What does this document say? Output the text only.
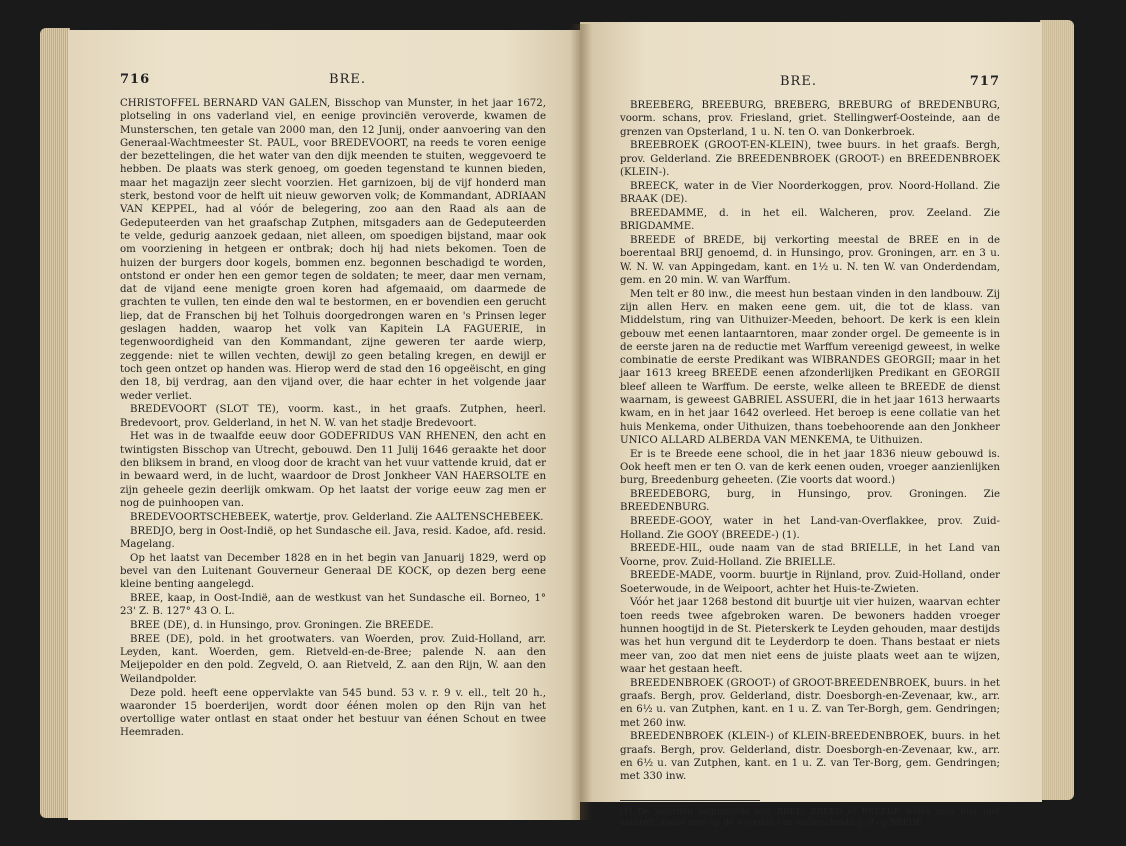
716	BRE.

CHRISTOFFEL BERNARD VAN GALEN, Bisschop van Munster, in het jaar 1672, plotseling in ons vaderland viel, en eenige provinciën veroverde, kwamen de Munsterschen, ten getale van 2000 man, den 12 Junij, onder aanvoering van den Generaal-Wachtmeester St. PAUL, voor BREDEVOORT, na reeds te voren eenige der bezettelingen, die het water van den dijk meenden te stuiten, weggevoerd te hebben. De plaats was sterk genoeg, om goeden tegenstand te kunnen bieden, maar het magazijn zeer slecht voorzien. Het garnizoen, bij de vijf honderd man sterk, bestond voor de helft uit nieuw geworven volk; de Kommandant, ADRIAAN VAN KEPPEL, had al vóór de belegering, zoo aan den Raad als aan de Gedeputeerden van het graafschap Zutphen, mitsgaders aan de Gedeputeerden te velde, gedurig aanzoek gedaan, niet alleen, om spoedigen bijstand, maar ook om voorziening in hetgeen er ontbrak; doch hij had niets bekomen. Toen de huizen der burgers door kogels, bommen enz. begonnen beschadigd te worden, ontstond er onder hen een gemor tegen de soldaten; te meer, daar men vernam, dat de vijand eene menigte groen koren had afgemaaid, om daarmede de grachten te vullen, ten einde den wal te bestormen, en er bovendien een gerucht liep, dat de Franschen bij het Tolhuis doorgedrongen waren en 's Prinsen leger geslagen hadden, waarop het volk van Kapitein LA FAGUERIE, in tegenwoordigheid van den Kommandant, zijne geweren ter aarde wierp, zeggende: niet te willen vechten, dewijl zo geen betaling kregen, en dewijl er toch geen ontzet op handen was. Hierop werd de stad den 16 opgeëischt, en ging den 18, bij verdrag, aan den vijand over, die haar echter in het volgende jaar weder verliet.

BREDEVOORT (SLOT TE), voorm. kast., in het graafs. Zutphen, heerl. Bredevoort, prov. Gelderland, in het N. W. van het stadje Bredevoort.

Het was in de twaalfde eeuw door GODEFRIDUS VAN RHENEN, den acht en twintigsten Bisschop van Utrecht, gebouwd. Den 11 Julij 1646 geraakte het door den bliksem in brand, en vloog door de kracht van het vuur vattende kruid, dat er in bewaard werd, in de lucht, waardoor de Drost Jonkheer VAN HAERSOLTE en zijn geheele gezin deerlijk omkwam. Op het laatst der vorige eeuw zag men er nog de puinhoopen van.

BREDEVOORTSCHEBEEK, watertje, prov. Gelderland. Zie AALTENSCHEBEEK.

BREDJO, berg in Oost-Indië, op het Sundasche eil. Java, resid. Kadoe, afd. resid. Magelang.

Op het laatst van December 1828 en in het begin van Januarij 1829, werd op bevel van den Luitenant Gouverneur Generaal DE KOCK, op dezen berg eene kleine benting aangelegd.

BREE, kaap, in Oost-Indië, aan de westkust van het Sundasche eil. Borneo, 1° 23' Z. B. 127° 43 O. L.

BREE (DE), d. in Hunsingo, prov. Groningen. Zie BREEDE.

BREE (DE), pold. in het grootwaters. van Woerden, prov. Zuid-Holland, arr. Leyden, kant. Woerden, gem. Rietveld-en-de-Bree; palende N. aan den Meijepolder en den pold. Zegveld, O. aan Rietveld, Z. aan den Rijn, W. aan den Weilandpolder.

Deze pold. heeft eene oppervlakte van 545 bund. 53 v. r. 9 v. ell., telt 20 h., waaronder 15 boerderijen, wordt door éénen molen op den Rijn van het overtollige water ontlast en staat onder het bestuur van éénen Schout en twee Heemraden.

BRE.	717

BREEBERG, BREEBURG, BREBERG, BREBURG of BREDENBURG, voorm. schans, prov. Friesland, griet. Stellingwerf-Oosteinde, aan de grenzen van Opsterland, 1 u. N. ten O. van Donkerbroek.

BREEBROEK (GROOT-EN-KLEIN), twee buurs. in het graafs. Bergh, prov. Gelderland. Zie BREEDENBROEK (GROOT-) en BREEDENBROEK (KLEIN-).

BREECK, water in de Vier Noorderkoggen, prov. Noord-Holland. Zie BRAAK (DE).

BREEDAMME, d. in het eil. Walcheren, prov. Zeeland. Zie BRIGDAMME.

BREEDE of BREDE, bij verkorting meestal de BREE en in de boerentaal BRIJ genoemd, d. in Hunsingo, prov. Groningen, arr. en 3 u. W. N. W. van Appingedam, kant. en 1½ u. N. ten W. van Onderdendam, gem. en 20 min. W. van Warffum.

Men telt er 80 inw., die meest hun bestaan vinden in den landbouw. Zij zijn allen Herv. en maken eene gem. uit, die tot de klass. van Middelstum, ring van Uithuizer-Meeden, behoort. De kerk is een klein gebouw met eenen lantaarntoren, maar zonder orgel. De gemeente is in de eerste jaren na de reductie met Warffum vereenigd geweest, in welke combinatie de eerste Predikant was WIBRANDES GEORGII; maar in het jaar 1613 kreeg BREEDE eenen afzonderlijken Predikant en GEORGII bleef alleen te Warffum. De eerste, welke alleen te BREEDE de dienst waarnam, is geweest GABRIEL ASSUERI, die in het jaar 1613 herwaarts kwam, en in het jaar 1642 overleed. Het beroep is eene collatie van het huis Menkema, onder Uithuizen, thans toebehoorende aan den Jonkheer UNICO ALLARD ALBERDA VAN MENKEMA, te Uithuizen.

Er is te Breede eene school, die in het jaar 1836 nieuw gebouwd is. Ook heeft men er ten O. van de kerk eenen ouden, vroeger aanzienlijken burg, Breedenburg geheeten. (Zie voorts dat woord.)

BREEDEBORG, burg, in Hunsingo, prov. Groningen. Zie BREEDENBURG.

BREEDE-GOOY, water in het Land-van-Overflakkee, prov. Zuid-Holland. Zie GOOY (BREEDE-) (1).

BREEDE-HIL, oude naam van de stad BRIELLE, in het Land van Voorne, prov. Zuid-Holland. Zie BRIELLE.

BREEDE-MADE, voorm. buurtje in Rijnland, prov. Zuid-Holland, onder Soeterwoude, in de Weipoort, achter het Huis-te-Zwieten.

Vóór het jaar 1268 bestond dit buurtje uit vier huizen, waarvan echter toen reeds twee afgebroken waren. De bewoners hadden vroeger hunnen hoogtijd in de St. Pieterskerk te Leyden gehouden, maar destijds was het hun vergund dit te Leyderdorp te doen. Thans bestaat er niets meer van, zoo dat men niet eens de juiste plaats weet aan te wijzen, waar het gestaan heeft.

BREEDENBROEK (GROOT-) of GROOT-BREEDENBROEK, buurs. in het graafs. Bergh, prov. Gelderland, distr. Doesborgh-en-Zevenaar, kw., arr. en 6½ u. van Zutphen, kant. en 1 u. Z. van Ter-Borgh, gem. Gendringen; met 260 inw.

BREEDENBROEK (KLEIN-) of KLEIN-BREEDENBROEK, buurs. in het graafs. Bergh, prov. Gelderland, distr. Doesborgh-en-Zevenaar, kw., arr. en 6½ u. van Zutphen, kant. en 1 u. Z. van Ter-Borg, gem. Gendringen; met 330 inw.

(1) De woorden beginnende met BREE, BREED of BREEDE welke men hier niet aantreft, zoeke men op de woorden van onderscheiding of op BREDE.
